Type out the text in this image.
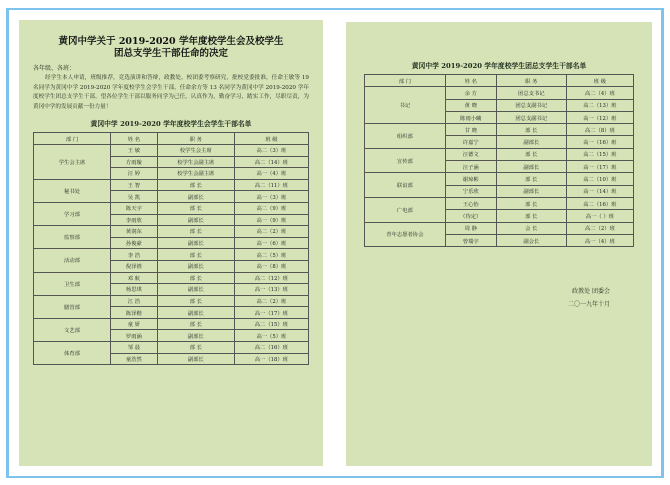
黄冈中学关于 2019-2020 学年度校学生会及校学生
团总支学生干部任命的决定
各年级、各班：
经学生本人申请，班级推荐，竞选演讲和答辩，政教处、校团委考察研究，批校党委批准，任命王敏等 19 名同学为黄冈中学 2019-2020 学年度校学生会学生干部，任命余方等 13 名同学为黄冈中学 2019-2020 学年度校学生团总支学生干部。望各位学生干部以服务同学为己任，认真作为，勤奋学习，踏实工作，尽职尽责，为黄冈中学的发展贡献一份力量！
黄冈中学 2019-2020 学年度校学生会学生干部名单
部 门	姓 名	职 务	班 级
学生会主席	王 敏	校学生会主席	高二（3）班
	方雨璇	校学生会副主席	高二（14）班
	汪 婷	校学生会副主席	高一（4）班
秘书处	王 智	部 长	高二（11）班
	吴 凯	副部长	高一（3）班
学习部	陈天宇	部 长	高二（9）班
	李雨欣	副部长	高一（9）班
监察部	黄润东	部 长	高二（2）班
	孙俊豪	副部长	高一（6）班
活动部	李 浩	部 长	高二（5）班
	倪泽禧	副部长	高一（8）班
卫生部	邓 航	部 长	高二（12）班
	杨思琪	副部长	高一（13）班
膳管部	江 浩	部 长	高二（2）班
	陈泽楷	副部长	高一（17）班
文艺部	童 妍	部 长	高二（15）班
	罗雨涵	副部长	高一（5）班
体育部	邹 晨	部 长	高二（16）班
	童浩然	副部长	高一（18）班
黄冈中学 2019-2020 学年度校学生团总支学生干部名单
部 门	姓 名	职 务	班 级
书记	余 方	团总支书记	高二（4）班
	黄 晓	团总支副书记	高二（13）班
	陈雨小曦	团总支副书记	高一（12）班
组织部	甘 晓	部 长	高二（8）班
	许嘉宁	副部长	高一（16）班
宣传部	汪德文	部 长	高二（15）班
	汪子涵	副部长	高一（17）班
联谊部	谢琼彬	部 长	高二（10）班
	宁乐欣	副部长	高一（14）班
广电部	王心怡	部 长	高二（16）班
	（待定）	部 长	高一（ ）班
青年志愿者协会	周 静	会 长	高二（2）班
	曾瑞宇	副会长	高一（4）班
政教处 团委会
二〇一九年十月
